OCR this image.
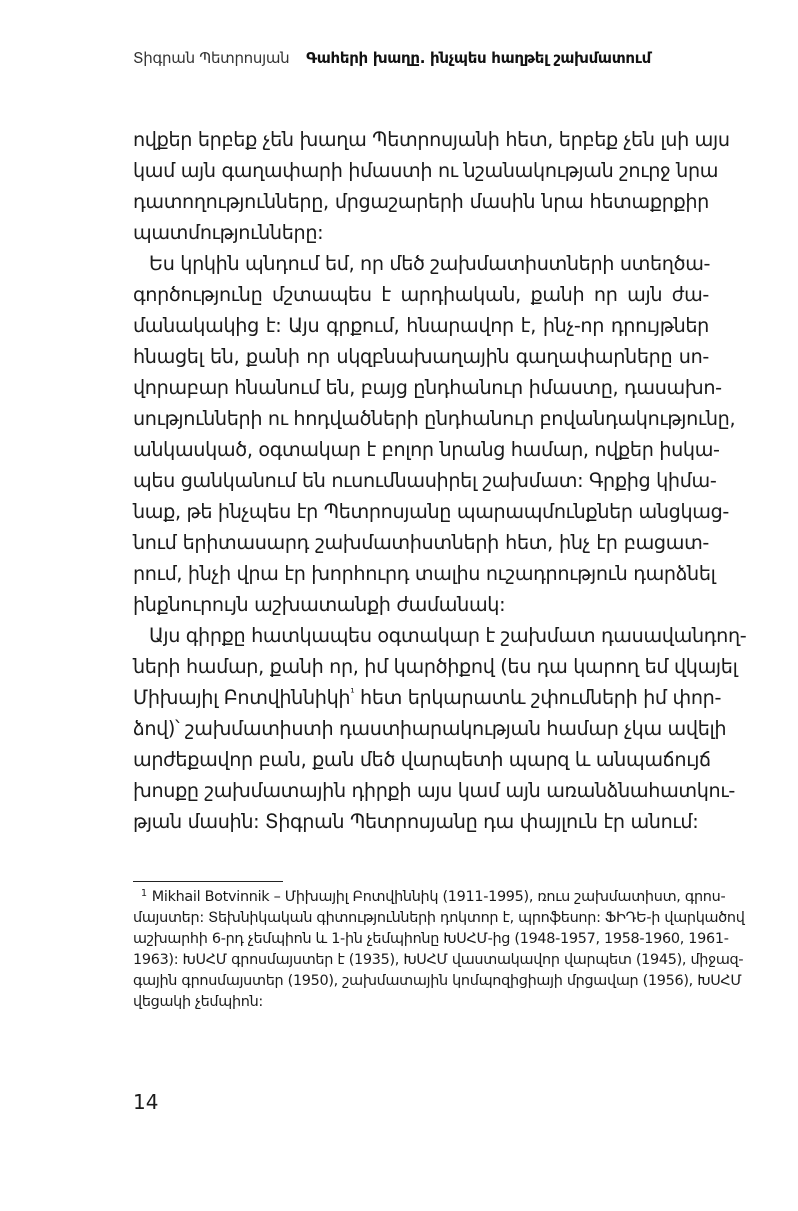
Տիգրան Պետրոսյան Գահերի խաղը. ինչպես հաղթել շախմատում

ովքեր երբեք չեն խաղա Պետրոսյանի հետ, երբեք չեն լսի այս
կամ այն գաղափարի իմաստի ու նշանակության շուրջ նրա
դատողությունները, մրցաշարերի մասին նրա հետաքրքիր
պատմությունները:

Ես կրկին պնդում եմ, որ մեծ շախմատիստների ստեղծա-
գործությունը մշտապես է արդիական, քանի որ այն ժա-
մանակակից է: Այս գրքում, հնարավոր է, ինչ-որ դրույթներ
հնացել են, քանի որ սկզբնախաղային գաղափարները սո-
վորաբար հնանում են, բայց ընդհանուր իմաստը, դասախո-
սությունների ու հոդվածների ընդհանուր բովանդակությունը,
անկասկած, օգտակար է բոլոր նրանց համար, ովքեր իսկա-
պես ցանկանում են ուսումնասիրել շախմատ: Գրքից կիմա-
նաք, թե ինչպես էր Պետրոսյանը պարապմունքներ անցկաց-
նում երիտասարդ շախմատիստների հետ, ինչ էր բացատ-
րում, ինչի վրա էր խորհուրդ տալիս ուշադրություն դարձնել
ինքնուրույն աշխատանքի ժամանակ:

Այս գիրքը հատկապես օգտակար է շախմատ դասավանդող-
ների համար, քանի որ, իմ կարծիքով (ես դա կարող եմ վկայել
Միխայիլ Բոտվիննիկի$^{^1}$ հետ երկարատև շփումների իմ փոր-
ձով)՝ շախմատիստի դաստիարակության համար չկա ավելի
արժեքավոր բան, քան մեծ վարպետի պարզ և անպաճույճ
խոսքը շախմատային դիրքի այս կամ այն առանձնահատկու-
թյան մասին: Տիգրան Պետրոսյանը դա փայլուն էր անում:

$^1$ Mikhail Botvinnik – Միխայիլ Բոտվիննիկ (1911-1995), ռուս շախմատիստ, գրոս-
մայստեր: Տեխնիկական գիտությունների դոկտոր է, պրոֆեսոր: ՖԻԴԵ-ի վարկածով
աշխարհի 6-րդ չեմպիոն և 1-ին չեմպիոնը ԽՍՀՄ-ից (1948-1957, 1958-1960, 1961-
1963): ԽՍՀՄ գրոսմայստեր է (1935), ԽՍՀՄ վաստակավոր վարպետ (1945), միջազ-
գային գրոսմայստեր (1950), շախմատային կոմպոզիցիայի մրցավար (1956), ԽՍՀՄ
վեցակի չեմպիոն:
14
